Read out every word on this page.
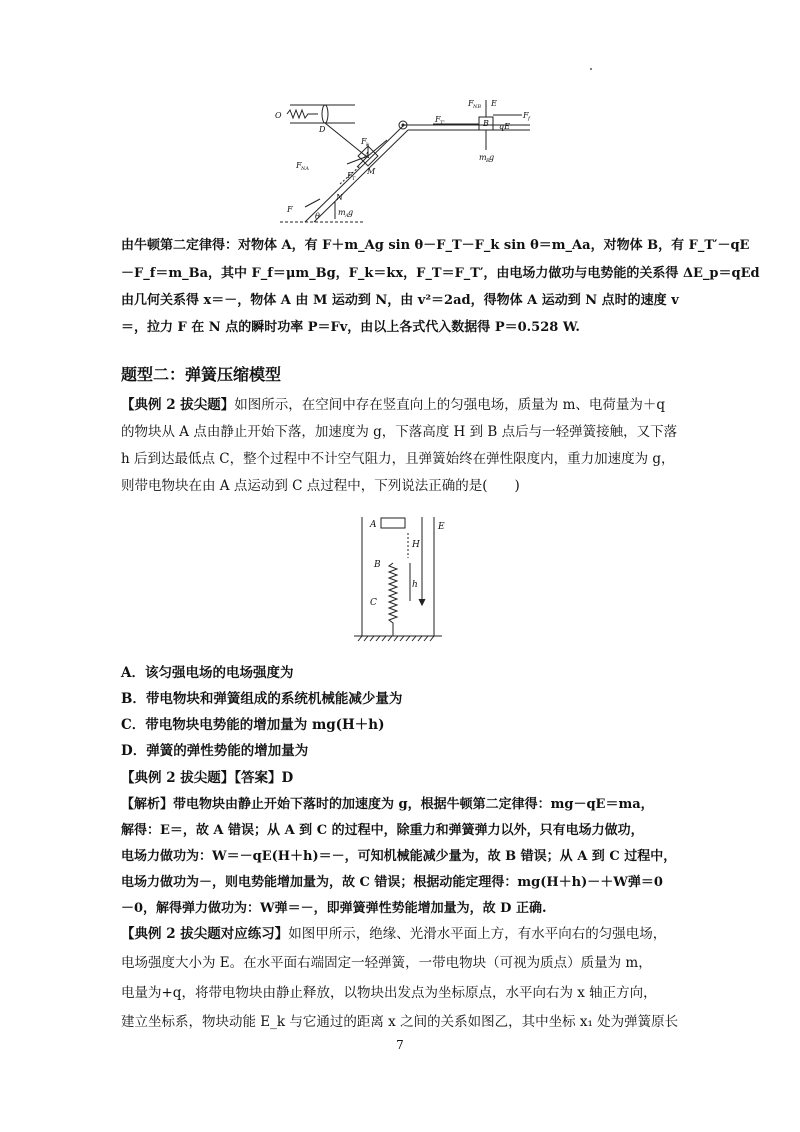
O
D
F NB E
F T'	B qE
F f
m B g
F NA
F k
A
F T
M
N
F
θ m A g
由牛顿第二定律得：对物体 A，有 F＋m_Ag sin θ－F_T－F_k sin θ＝m_Aa，对物体 B，有 F_T′－qE
－F_f＝m_Ba，其中 F_f＝μm_Bg，F_k＝kx，F_T＝F_T′，由电场力做功与电势能的关系得 ΔE_p＝qEd
由几何关系得 x＝－，物体 A 由 M 运动到 N，由 v²＝2ad，得物体 A 运动到 N 点时的速度 v
＝，拉力 F 在 N 点的瞬时功率 P＝Fv，由以上各式代入数据得 P＝0.528 W.
题型二：弹簧压缩模型
【典例 2 拔尖题】如图所示，在空间中存在竖直向上的匀强电场，质量为 m、电荷量为＋q 的物块从 A 点由静止开始下落，加速度为 g，下落高度 H 到 B 点后与一轻弹簧接触，又下落 h 后到达最低点 C，整个过程中不计空气阻力，且弹簧始终在弹性限度内，重力加速度为 g，则带电物块在由 A 点运动到 C 点过程中，下列说法正确的是(　　)
A	E
H
B
h
C
A．该匀强电场的电场强度为
B．带电物块和弹簧组成的系统机械能减少量为
C．带电物块电势能的增加量为 mg(H＋h)
D．弹簧的弹性势能的增加量为
【典例 2 拔尖题】【答案】D
【解析】带电物块由静止开始下落时的加速度为 g，根据牛顿第二定律得：mg－qE＝ma，
解得：E＝，故 A 错误；从 A 到 C 的过程中，除重力和弹簧弹力以外，只有电场力做功，
电场力做功为：W＝－qE(H＋h)＝－，可知机械能减少量为，故 B 错误；从 A 到 C 过程中，
电场力做功为－，则电势能增加量为，故 C 错误；根据动能定理得：mg(H＋h)－＋W弹＝0
－0，解得弹力做功为：W弹＝－，即弹簧弹性势能增加量为，故 D 正确.
【典例 2 拔尖题对应练习】如图甲所示，绝缘、光滑水平面上方，有水平向右的匀强电场，
电场强度大小为 E。在水平面右端固定一轻弹簧，一带电物块（可视为质点）质量为 m，
电量为+q，将带电物块由静止释放，以物块出发点为坐标原点，水平向右为 x 轴正方向，
建立坐标系，物块动能 E_k 与它通过的距离 x 之间的关系如图乙，其中坐标 x₁ 处为弹簧原长
7
